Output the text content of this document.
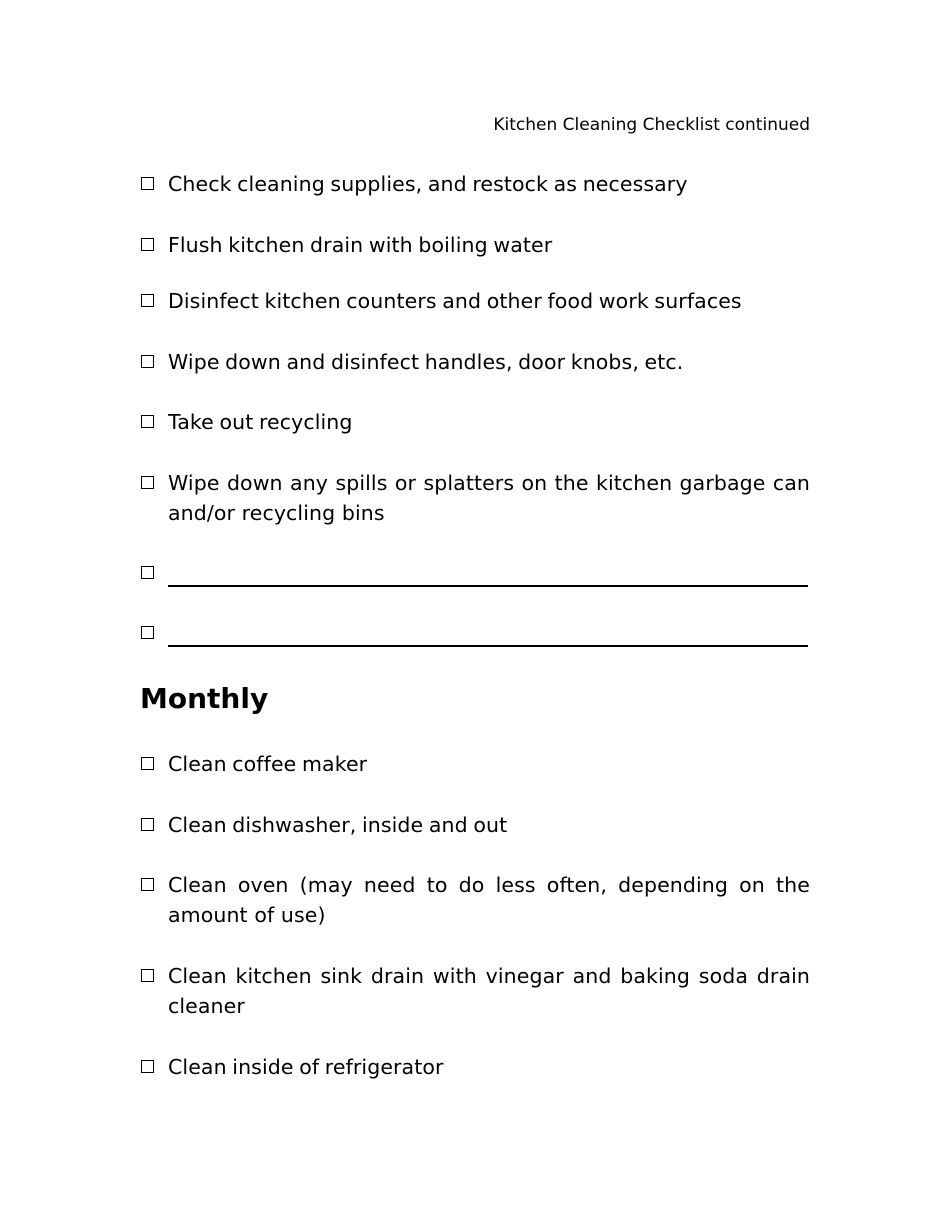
Kitchen Cleaning Checklist continued
Check cleaning supplies, and restock as necessary
Flush kitchen drain with boiling water
Disinfect kitchen counters and other food work surfaces
Wipe down and disinfect handles, door knobs, etc.
Take out recycling
Wipe down any spills or splatters on the kitchen garbage can and/or recycling bins
Monthly
Clean coffee maker
Clean dishwasher, inside and out
Clean oven (may need to do less often, depending on the amount of use)
Clean kitchen sink drain with vinegar and baking soda drain cleaner
Clean inside of refrigerator
